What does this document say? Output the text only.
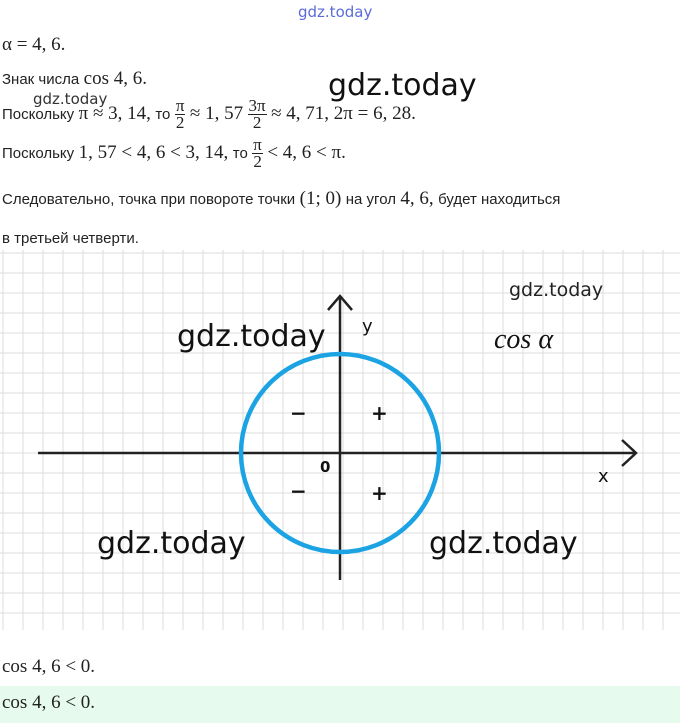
gdz.today
α = 4, 6.
Знак числа cos 4, 6.
gdz.today
Поскольку
π ≈ 3, 14,
то
$\frac{\pi}{2}$
≈ 1, 57
$\frac{3\pi}{2}$
≈ 4, 71, 2π = 6, 28.
gdz.today
Поскольку
1, 57 < 4, 6 < 3, 14,
то
$\frac{\pi}{2}$
< 4, 6 < π.
Следовательно, точка при повороте точки (1; 0) на угол 4, 6, будет находиться
в третьей четверти.
x
y
0
cos α
−	+
−	+
gdz.today
gdz.today
gdz.today	gdz.today
cos 4, 6 < 0.
cos 4, 6 < 0.
